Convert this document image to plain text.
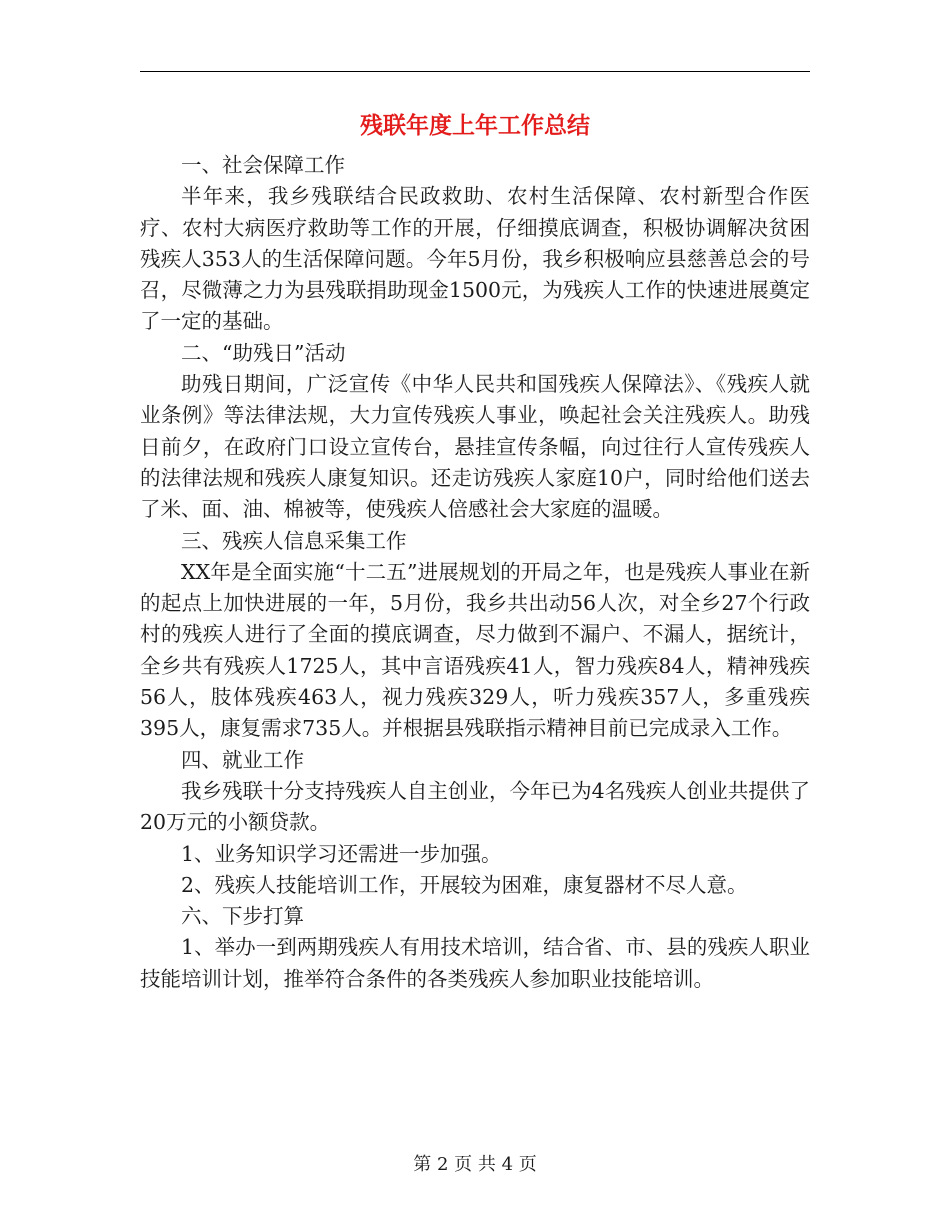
残联年度上年工作总结

一、社会保障工作

半年来，我乡残联结合民政救助、农村生活保障、农村新型合作医疗、农村大病医疗救助等工作的开展，仔细摸底调查，积极协调解决贫困残疾人353人的生活保障问题。今年5月份，我乡积极响应县慈善总会的号召，尽微薄之力为县残联捐助现金1500元，为残疾人工作的快速进展奠定了一定的基础。

二、“助残日”活动

助残日期间，广泛宣传《中华人民共和国残疾人保障法》、《残疾人就业条例》等法律法规，大力宣传残疾人事业，唤起社会关注残疾人。助残日前夕，在政府门口设立宣传台，悬挂宣传条幅，向过往行人宣传残疾人的法律法规和残疾人康复知识。还走访残疾人家庭10户，同时给他们送去了米、面、油、棉被等，使残疾人倍感社会大家庭的温暖。

三、残疾人信息采集工作

XX年是全面实施“十二五”进展规划的开局之年，也是残疾人事业在新的起点上加快进展的一年，5月份，我乡共出动56人次，对全乡27个行政村的残疾人进行了全面的摸底调查，尽力做到不漏户、不漏人，据统计，全乡共有残疾人1725人，其中言语残疾41人，智力残疾84人，精神残疾56人，肢体残疾463人，视力残疾329人，听力残疾357人，多重残疾395人，康复需求735人。并根据县残联指示精神目前已完成录入工作。

四、就业工作

我乡残联十分支持残疾人自主创业，今年已为4名残疾人创业共提供了20万元的小额贷款。

1、业务知识学习还需进一步加强。

2、残疾人技能培训工作，开展较为困难，康复器材不尽人意。

六、下步打算

1、举办一到两期残疾人有用技术培训，结合省、市、县的残疾人职业技能培训计划，推举符合条件的各类残疾人参加职业技能培训。

第 2 页 共 4 页
